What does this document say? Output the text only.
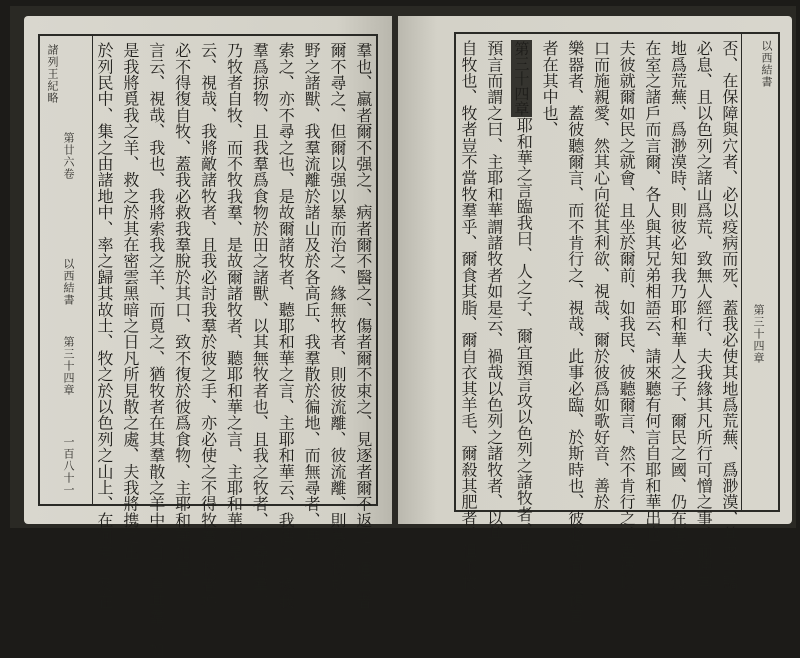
諸列王紀略
第廿六卷
以西結書
第三十四章
一百八十一	羣也、羸者爾不强之、病者爾不醫之、傷者爾不束之、見逐者爾不返之、遺亡者
爾不尋之、但爾以强以暴而治之、緣無牧者、則彼流離、彼流離、則爲食物於
野之諸獸、我羣流離於諸山及於各高丘、我羣散於徧地、而無尋者、無
索之、亦不尋之也、是故爾諸牧者、聽耶和華之言、主耶和華云、我活也、緣我
羣爲掠物、且我羣爲食物於田之諸獸、以其無牧者也、且我之牧者、不尋我羣、
乃牧者自牧、而不牧我羣、是故爾諸牧者、聽耶和華之言、主耶和華如是
云、視哉、我將敵諸牧者、且我必討我羣於彼之手、亦必使之不得牧羣、牧者亦
必不得復自牧、蓋我必救我羣脫於其口、致不復於彼爲食物、主耶和華如是
言云、視哉、我也、我將索我之羊、而覓之、猶牧者在其羣散之羊中之日、覓其羣、如
是我將覓我之羊、救之於其在密雲黑暗之日凡所見散之處、夫我將携之出
於列民中、集之由諸地中、率之歸其故土、牧之於以色列之山上、在河旁、及在	以西結書
第三十四章
否、在保障與穴者、必以疫病而死、蓋我必使其地爲荒蕪、爲渺漠、其力之驕
必息、且以色列之諸山爲荒、致無人經行、夫我緣其凡所行可憎之事、而使其
地爲荒蕪、爲渺漠時、則彼必知我乃耶和華人之子、爾民之國、仍在垣旁、及
在室之諸戶而言爾、各人與其兄弟相語云、請來聽有何言自耶和華出也、
夫彼就爾如民之就會、且坐於爾前、如我民、彼聽爾言、然不肯行之、蓋彼以
口而施親愛、然其心向從其利欲、視哉、爾於彼爲如歌好音、善於
樂器者、蓋彼聽爾言、而不肯行之、視哉、此事必臨、於斯時也、彼必知有一預言
者在其中也、
第三十四章
耶和華之言臨我曰、人之子、爾宜預言攻以色列之諸牧者、宜
預言而謂之曰、主耶和華謂諸牧者如是云、禍哉以色列之諸牧者、以其
自牧也、牧者豈不當牧羣乎、爾食其脂、爾自衣其羊毛、爾殺其肥者、但不牧
